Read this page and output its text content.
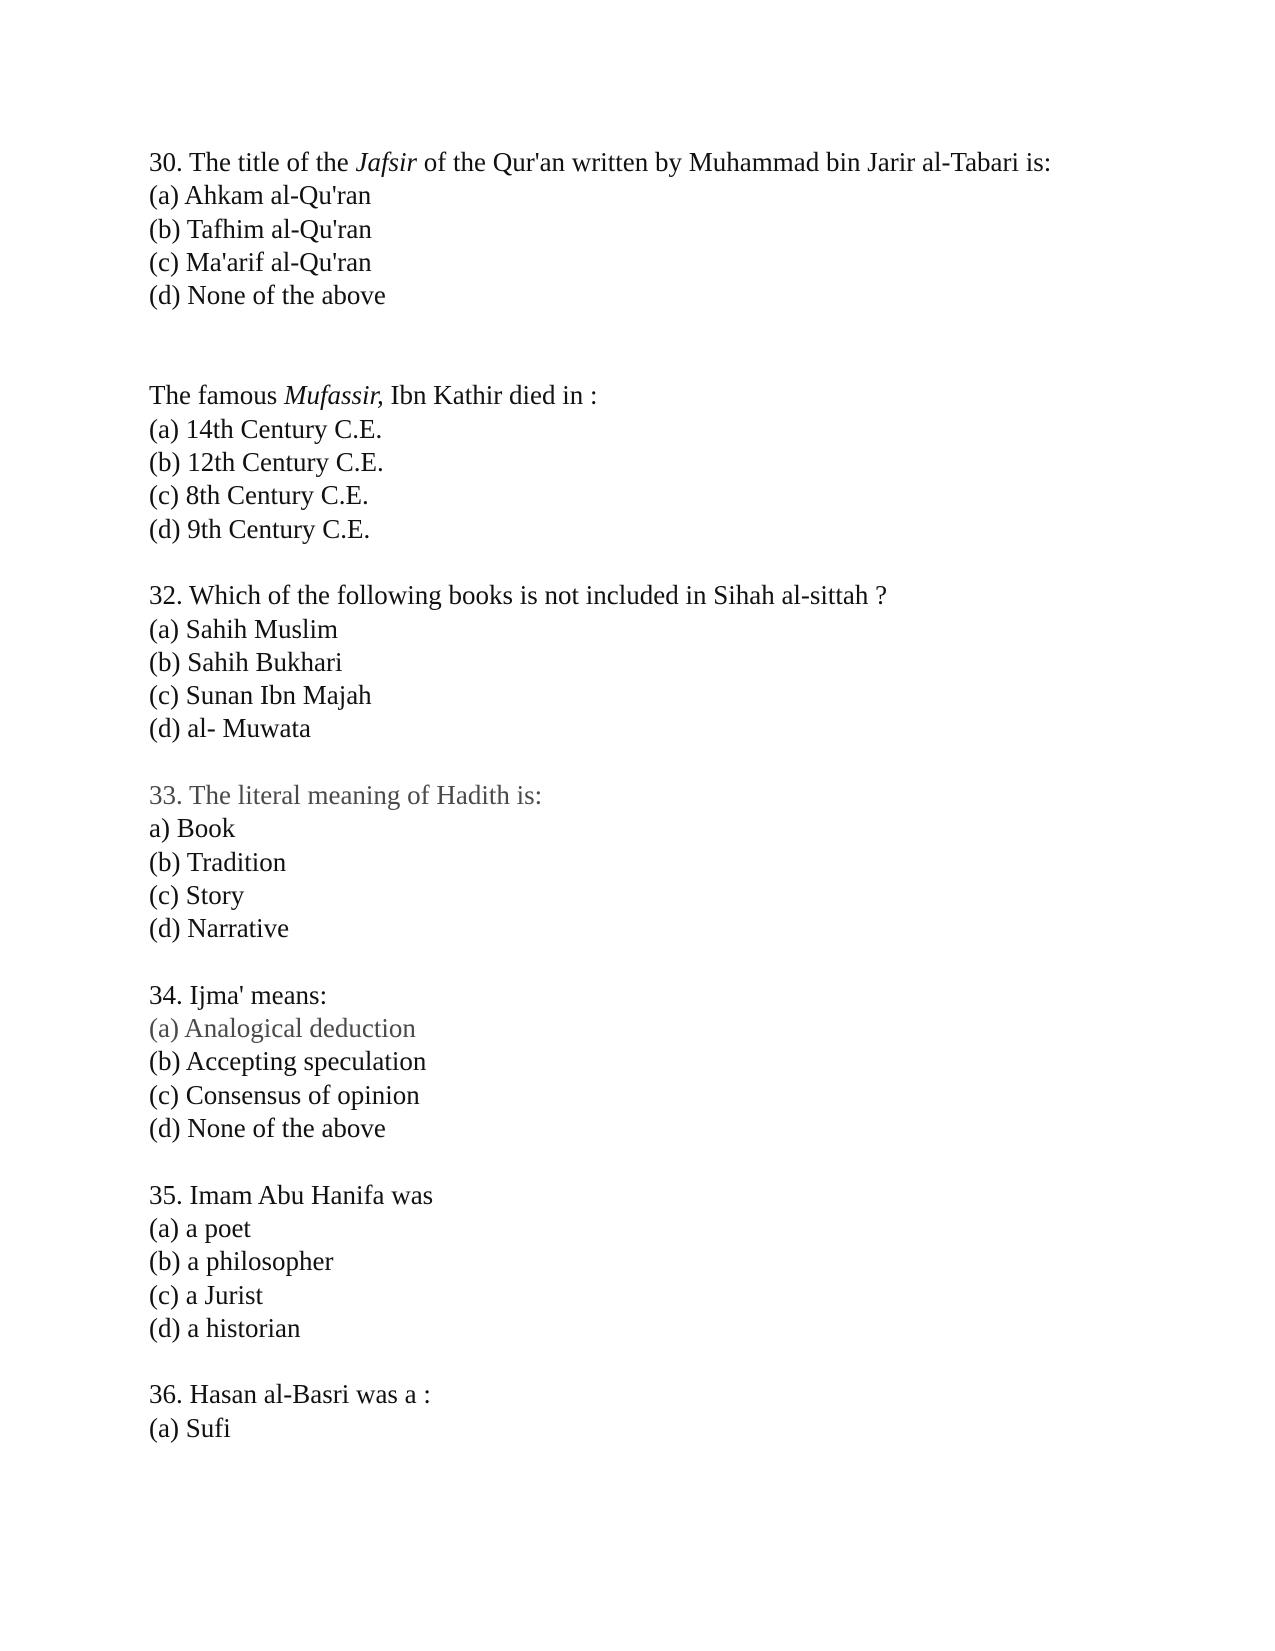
30. The title of the Jafsir of the Qur'an written by Muhammad bin Jarir al-Tabari is:
(a) Ahkam al-Qu'ran
(b) Tafhim al-Qu'ran
(c) Ma'arif al-Qu'ran
(d) None of the above
The famous Mufassir, Ibn Kathir died in :
(a) 14th Century C.E.
(b) 12th Century C.E.
(c) 8th Century C.E.
(d) 9th Century C.E.
32. Which of the following books is not included in Sihah al-sittah ?
(a) Sahih Muslim
(b) Sahih Bukhari
(c) Sunan Ibn Majah
(d) al- Muwata
33. The literal meaning of Hadith is:
a) Book
(b) Tradition
(c) Story
(d) Narrative
34. Ijma' means:
(a) Analogical deduction
(b) Accepting speculation
(c) Consensus of opinion
(d) None of the above
35. Imam Abu Hanifa was
(a) a poet
(b) a philosopher
(c) a Jurist
(d) a historian
36. Hasan al-Basri was a :
(a) Sufi
